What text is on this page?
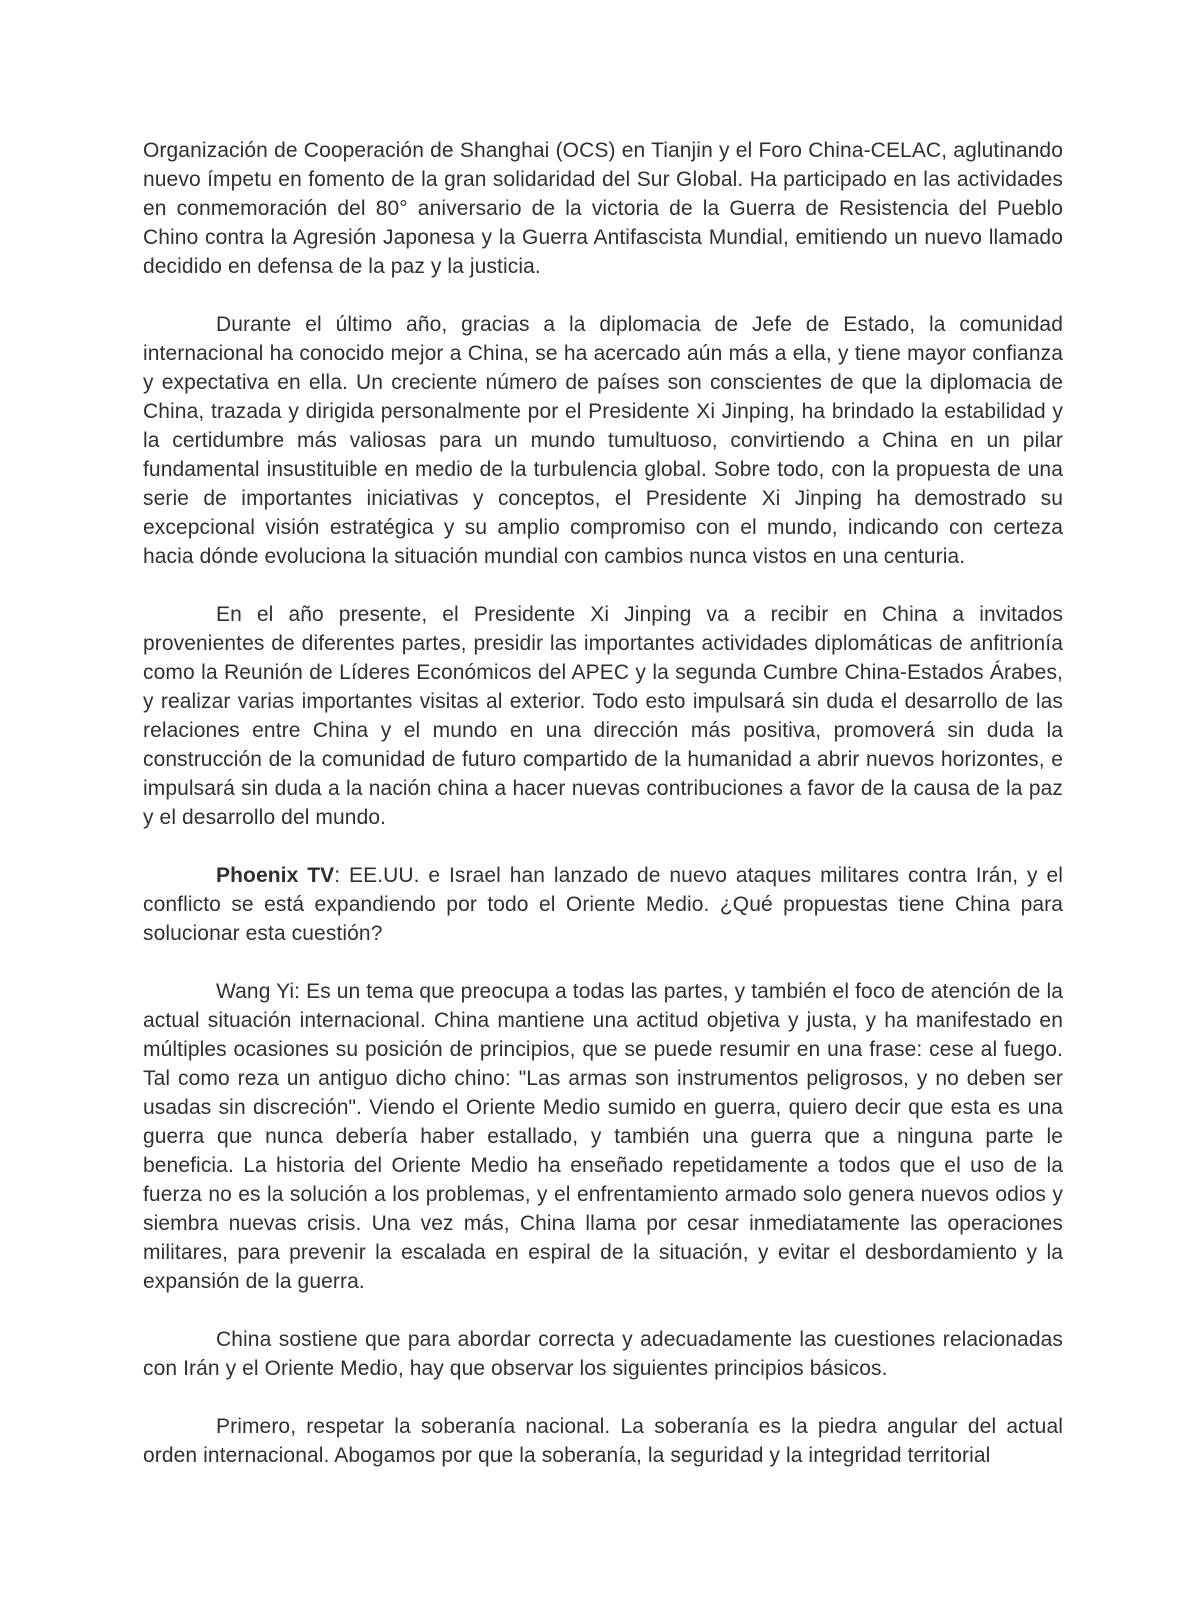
Organización de Cooperación de Shanghai (OCS) en Tianjin y el Foro China-CELAC, aglutinando nuevo ímpetu en fomento de la gran solidaridad del Sur Global. Ha participado en las actividades en conmemoración del 80° aniversario de la victoria de la Guerra de Resistencia del Pueblo Chino contra la Agresión Japonesa y la Guerra Antifascista Mundial, emitiendo un nuevo llamado decidido en defensa de la paz y la justicia.

Durante el último año, gracias a la diplomacia de Jefe de Estado, la comunidad internacional ha conocido mejor a China, se ha acercado aún más a ella, y tiene mayor confianza y expectativa en ella. Un creciente número de países son conscientes de que la diplomacia de China, trazada y dirigida personalmente por el Presidente Xi Jinping, ha brindado la estabilidad y la certidumbre más valiosas para un mundo tumultuoso, convirtiendo a China en un pilar fundamental insustituible en medio de la turbulencia global. Sobre todo, con la propuesta de una serie de importantes iniciativas y conceptos, el Presidente Xi Jinping ha demostrado su excepcional visión estratégica y su amplio compromiso con el mundo, indicando con certeza hacia dónde evoluciona la situación mundial con cambios nunca vistos en una centuria.

En el año presente, el Presidente Xi Jinping va a recibir en China a invitados provenientes de diferentes partes, presidir las importantes actividades diplomáticas de anfitrionía como la Reunión de Líderes Económicos del APEC y la segunda Cumbre China-Estados Árabes, y realizar varias importantes visitas al exterior. Todo esto impulsará sin duda el desarrollo de las relaciones entre China y el mundo en una dirección más positiva, promoverá sin duda la construcción de la comunidad de futuro compartido de la humanidad a abrir nuevos horizontes, e impulsará sin duda a la nación china a hacer nuevas contribuciones a favor de la causa de la paz y el desarrollo del mundo.

Phoenix TV: EE.UU. e Israel han lanzado de nuevo ataques militares contra Irán, y el conflicto se está expandiendo por todo el Oriente Medio. ¿Qué propuestas tiene China para solucionar esta cuestión?

Wang Yi: Es un tema que preocupa a todas las partes, y también el foco de atención de la actual situación internacional. China mantiene una actitud objetiva y justa, y ha manifestado en múltiples ocasiones su posición de principios, que se puede resumir en una frase: cese al fuego. Tal como reza un antiguo dicho chino: "Las armas son instrumentos peligrosos, y no deben ser usadas sin discreción". Viendo el Oriente Medio sumido en guerra, quiero decir que esta es una guerra que nunca debería haber estallado, y también una guerra que a ninguna parte le beneficia. La historia del Oriente Medio ha enseñado repetidamente a todos que el uso de la fuerza no es la solución a los problemas, y el enfrentamiento armado solo genera nuevos odios y siembra nuevas crisis. Una vez más, China llama por cesar inmediatamente las operaciones militares, para prevenir la escalada en espiral de la situación, y evitar el desbordamiento y la expansión de la guerra.

China sostiene que para abordar correcta y adecuadamente las cuestiones relacionadas con Irán y el Oriente Medio, hay que observar los siguientes principios básicos.

Primero, respetar la soberanía nacional. La soberanía es la piedra angular del actual orden internacional. Abogamos por que la soberanía, la seguridad y la integridad territorial
